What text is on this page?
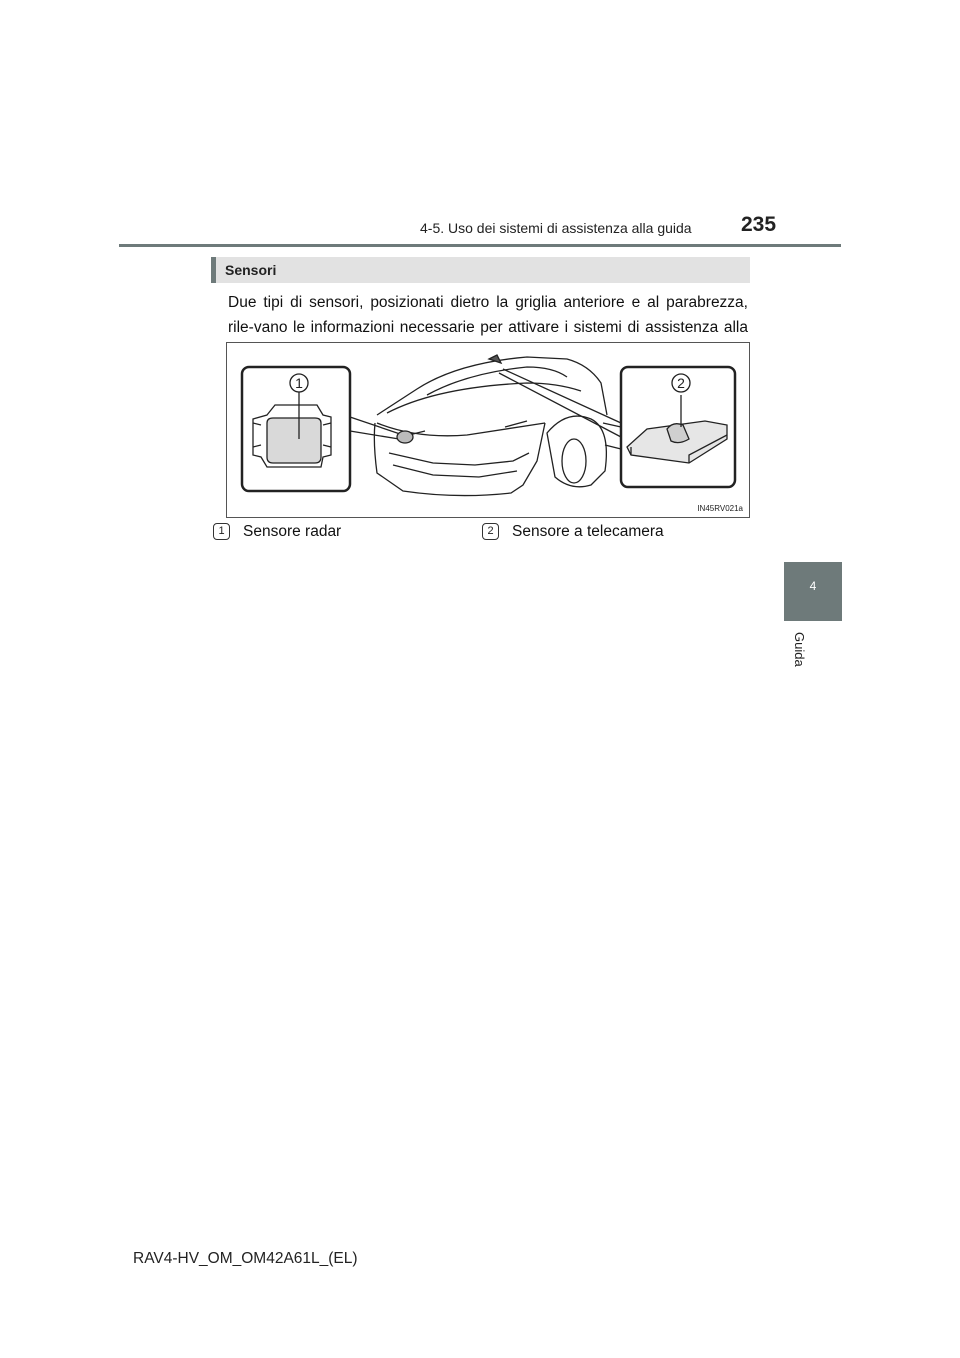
4-5. Uso dei sistemi di assistenza alla guida 235
4
Guida
Sensori
Due tipi di sensori, posizionati dietro la griglia anteriore e al parabrezza, rile-vano le informazioni necessarie per attivare i sistemi di assistenza alla
1	2
IN45RV021a
1	Sensore radar	2	Sensore a telecamera
RAV4-HV_OM_OM42A61L_(EL)
